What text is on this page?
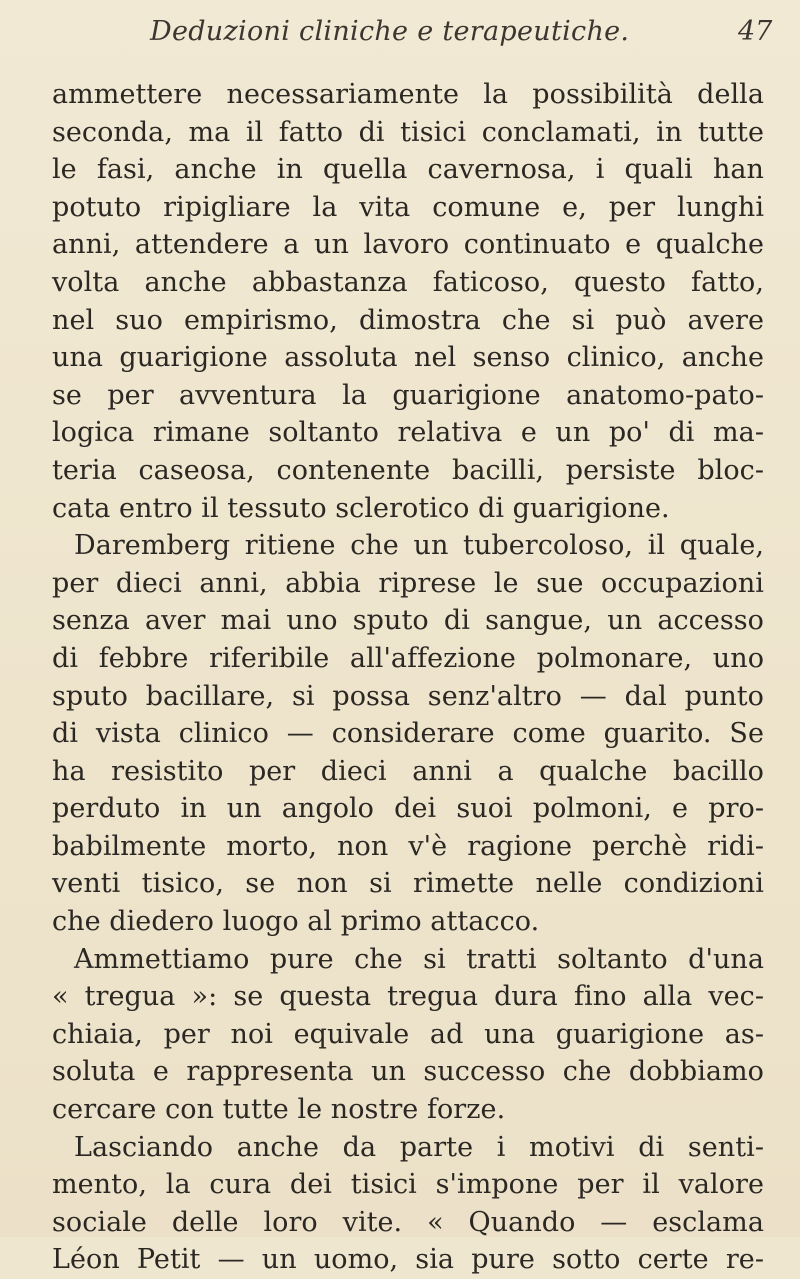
Deduzioni cliniche e terapeutiche.	47
ammettere necessariamente la possibilità della
seconda, ma il fatto di tisici conclamati, in tutte
le fasi, anche in quella cavernosa, i quali han
potuto ripigliare la vita comune e, per lunghi
anni, attendere a un lavoro continuato e qualche
volta anche abbastanza faticoso, questo fatto,
nel suo empirismo, dimostra che si può avere
una guarigione assoluta nel senso clinico, anche
se per avventura la guarigione anatomo-pato-
logica rimane soltanto relativa e un po' di ma-
teria caseosa, contenente bacilli, persiste bloc-
cata entro il tessuto sclerotico di guarigione.
Daremberg ritiene che un tubercoloso, il quale,
per dieci anni, abbia riprese le sue occupazioni
senza aver mai uno sputo di sangue, un accesso
di febbre riferibile all'affezione polmonare, uno
sputo bacillare, si possa senz'altro — dal punto
di vista clinico — considerare come guarito. Se
ha resistito per dieci anni a qualche bacillo
perduto in un angolo dei suoi polmoni, e pro-
babilmente morto, non v'è ragione perchè ridi-
venti tisico, se non si rimette nelle condizioni
che diedero luogo al primo attacco.
Ammettiamo pure che si tratti soltanto d'una
« tregua »: se questa tregua dura fino alla vec-
chiaia, per noi equivale ad una guarigione as-
soluta e rappresenta un successo che dobbiamo
cercare con tutte le nostre forze.
Lasciando anche da parte i motivi di senti-
mento, la cura dei tisici s'impone per il valore
sociale delle loro vite. « Quando — esclama
Léon Petit — un uomo, sia pure sotto certe re-
